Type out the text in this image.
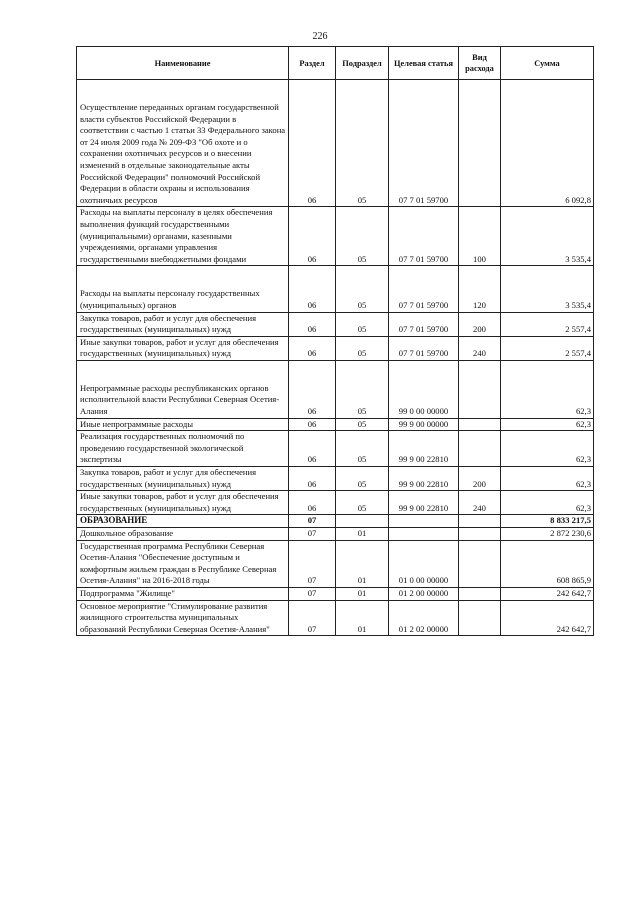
226
Наименование	Раздел	Подраздел	Целевая статья	Вид расхода	Сумма
Осуществление переданных органам государственной власти субъектов Российской Федерации в соответствии с частью 1 статьи 33 Федерального закона от 24 июля 2009 года № 209-ФЗ "Об охоте и о сохранении охотничьих ресурсов и о внесении изменений в отдельные законодательные акты Российской Федерации" полномочий Российской Федерации в области охраны и использования охотничьих ресурсов	06	05	07 7 01 59700		6 092,8
Расходы на выплаты персоналу в целях обеспечения выполнения функций государственными (муниципальными) органами, казенными учреждениями, органами управления государственными внебюджетными фондами	06	05	07 7 01 59700	100	3 535,4
Расходы на выплаты персоналу государственных (муниципальных) органов	06	05	07 7 01 59700	120	3 535,4
Закупка товаров, работ и услуг для обеспечения государственных (муниципальных) нужд	06	05	07 7 01 59700	200	2 557,4
Иные закупки товаров, работ и услуг для обеспечения государственных (муниципальных) нужд	06	05	07 7 01 59700	240	2 557,4
Непрограммные расходы республиканских органов исполнительной власти Республики Северная Осетия-Алания	06	05	99 0 00 00000		62,3
Иные непрограммные расходы	06	05	99 9 00 00000		62,3
Реализация государственных полномочий по проведению государственной экологической экспертизы	06	05	99 9 00 22810		62,3
Закупка товаров, работ и услуг для обеспечения государственных (муниципальных) нужд	06	05	99 9 00 22810	200	62,3
Иные закупки товаров, работ и услуг для обеспечения государственных (муниципальных) нужд	06	05	99 9 00 22810	240	62,3
ОБРАЗОВАНИЕ	07				8 833 217,5
Дошкольное образование	07	01			2 872 230,6
Государственная программа Республики Северная Осетия-Алания "Обеспечение доступным и комфортным жильем граждан в Республике Северная Осетия-Алания" на 2016-2018 годы	07	01	01 0 00 00000		608 865,9
Подпрограмма "Жилище"	07	01	01 2 00 00000		242 642,7
Основное мероприятие "Стимулирование развития жилищного строительства муниципальных образований Республики Северная Осетия-Алания"	07	01	01 2 02 00000		242 642,7
